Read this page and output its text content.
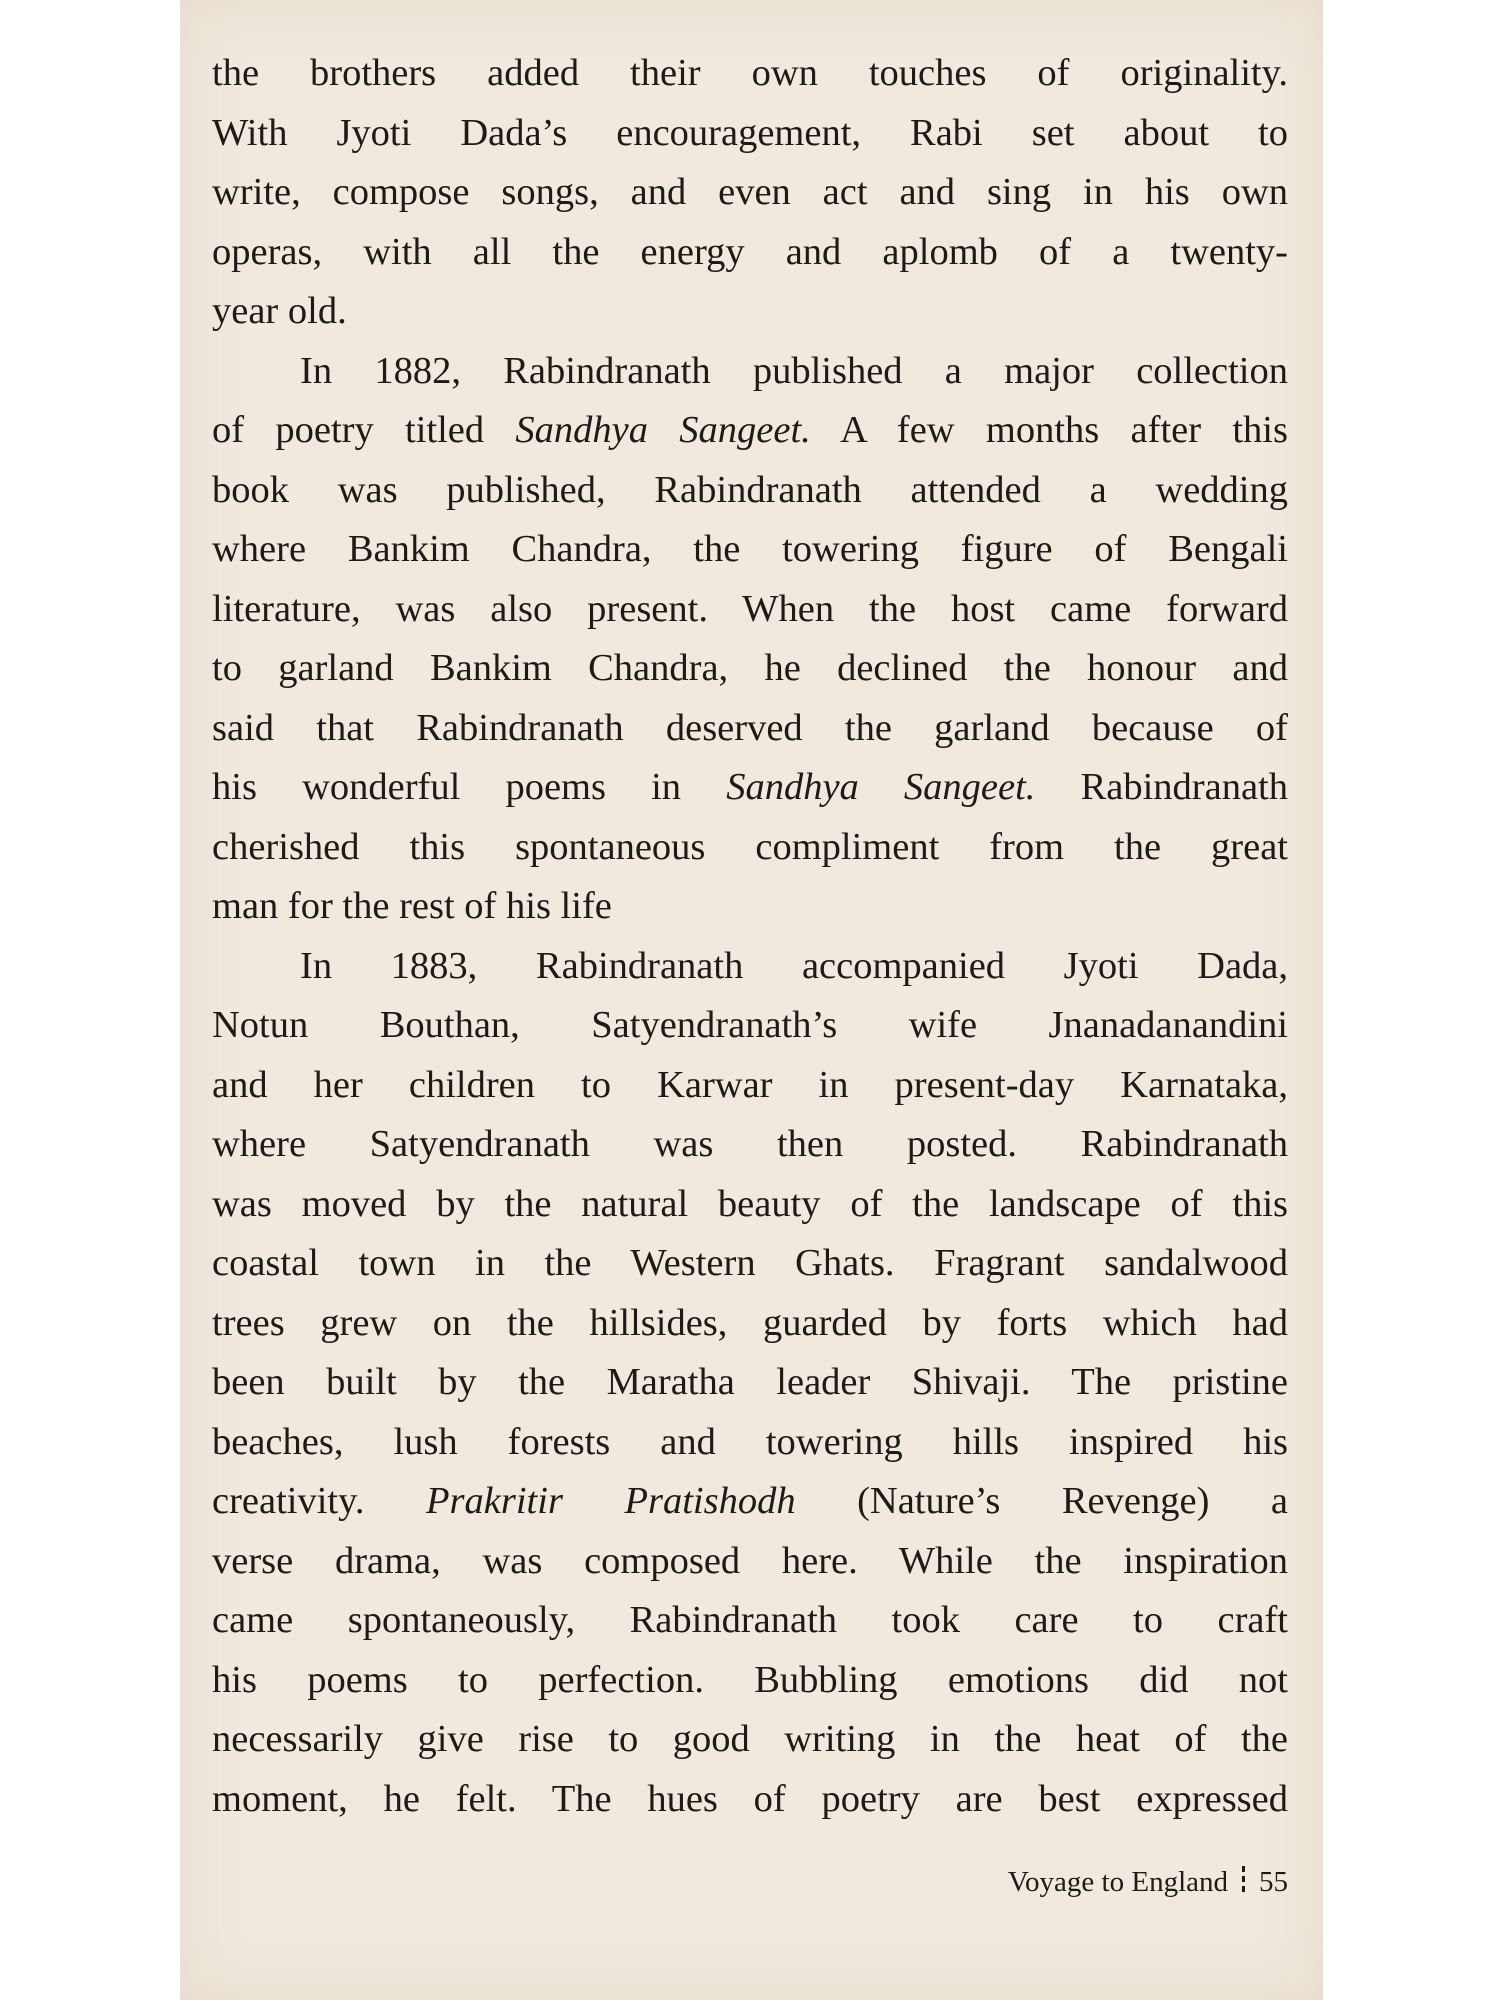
the brothers added their own touches of originality.
With Jyoti Dada’s encouragement, Rabi set about to
write, compose songs, and even act and sing in his own
operas, with all the energy and aplomb of a twenty-
year old.
In 1882, Rabindranath published a major collection
of poetry titled Sandhya Sangeet. A few months after this
book was published, Rabindranath attended a wedding
where Bankim Chandra, the towering figure of Bengali
literature, was also present. When the host came forward
to garland Bankim Chandra, he declined the honour and
said that Rabindranath deserved the garland because of
his wonderful poems in Sandhya Sangeet. Rabindranath
cherished this spontaneous compliment from the great
man for the rest of his life
In 1883, Rabindranath accompanied Jyoti Dada,
Notun Bouthan, Satyendranath’s wife Jnanadanandini
and her children to Karwar in present-day Karnataka,
where Satyendranath was then posted. Rabindranath
was moved by the natural beauty of the landscape of this
coastal town in the Western Ghats. Fragrant sandalwood
trees grew on the hillsides, guarded by forts which had
been built by the Maratha leader Shivaji. The pristine
beaches, lush forests and towering hills inspired his
creativity. Prakritir Pratishodh (Nature’s Revenge) a
verse drama, was composed here. While the inspiration
came spontaneously, Rabindranath took care to craft
his poems to perfection. Bubbling emotions did not
necessarily give rise to good writing in the heat of the
moment, he felt. The hues of poetry are best expressed
Voyage to England 55
